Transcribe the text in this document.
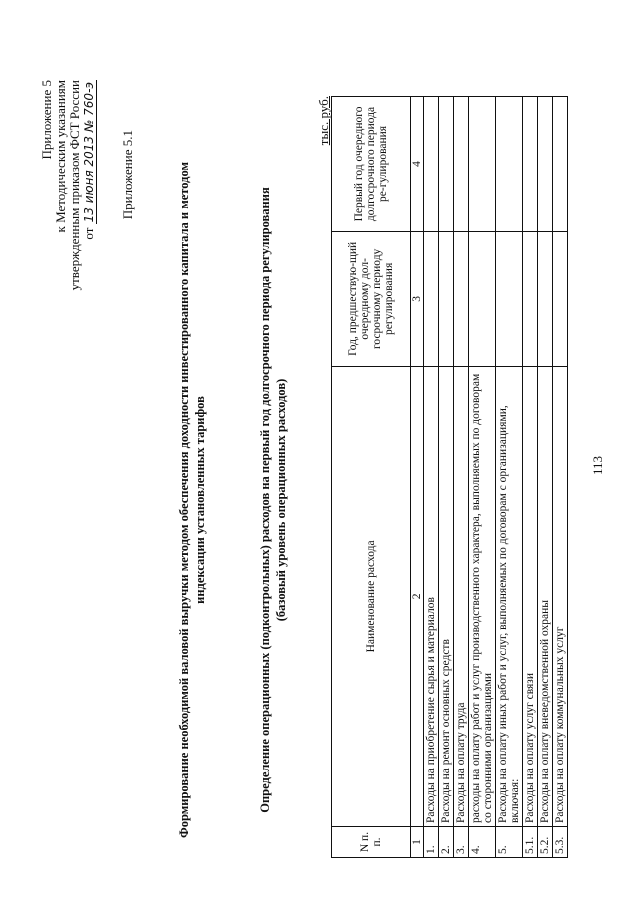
Приложение 5 к Методическим указаниям утвержденным приказом ФСТ России от 13 июня 2013 № 760-э Приложение 5.1	Формирование необходимой валовой выручки методом обеспечения доходности инвестированного капитала и методом индексации установленных тарифов	Определение операционных (подконтрольных) расходов на первый год долгосрочного периода регулирования (базовый уровень операционных расходов)
тыс. руб.
N п. п.	Наименование расхода	Год, предшествую-щий очередному дол-госрочному периоду регулирования	Первый год очередного долгосрочного периода ре-гулирования
1	2	3	4
1.	Расходы на приобретение сырья и материалов		
2.	Расходы на ремонт основных средств		
3.	Расходы на оплату труда		
4.	расходы на оплату работ и услуг производственного характера, выполняемых по договорам со сторонними организациями		
5.	Расходы на оплату иных работ и услуг, выполняемых по договорам с организациями, включая:		
5.1.	Расходы на оплату услуг связи		
5.2.	Расходы на оплату вневедомственной охраны		
5.3.	Расходы на оплату коммунальных услуг		
113
